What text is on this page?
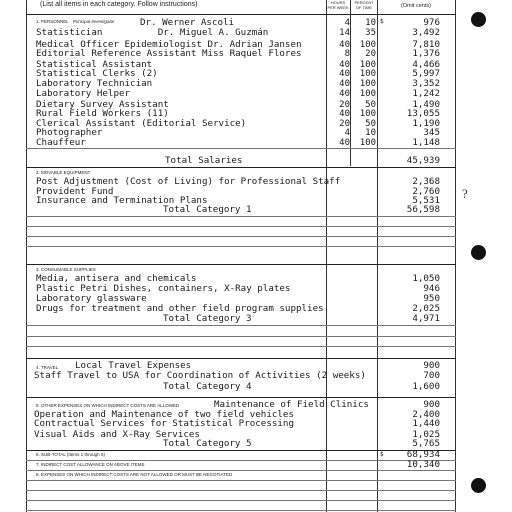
(List all items in each category. Follow instructions)	HOURS PER WEEK
PERCENT OF TIME	(Omit cents)
1. PERSONNEL Principal Investigator	$
Dr. Werner Ascoli	4	10	976
Statistician          Dr. Miguel A. Guzmán	14	35	3,492
Medical Officer Epidemiologist Dr. Adrian Jansen	40	100	7,810
Editorial Reference Assistant Miss Raquel Flores	8	20	1,376
Statistical Assistant	40	100	4,466
Statistical Clerks (2)	40	100	5,997
Laboratory Technician	40	100	3,352
Laboratory Helper	40	100	1,242
Dietary Survey Assistant	20	50	1,490
Rural Field Workers (11)	40	100	13,055
Clerical Assistant (Editorial Service)	20	50	1,190
Photographer	4	10	345
Chauffeur	40	100	1,148
Total Salaries	45,939
2. MOVABLE EQUIPMENT
Post Adjustment (Cost of Living) for Professional Staff	2,368
Provident Fund	2,760
Insurance and Termination Plans	5,531
Total Category 1	56,598
?
3. CONSUMABLE SUPPLIES
Media, antisera and chemicals	1,050
Plastic Petri Dishes, containers, X-Ray plates	946
Laboratory glassware	950
Drugs for treatment and other field program supplies	2,025
Total Category 3	4,971
4. TRAVEL Local Travel Expenses	900
Staff Travel to USA for Coordination of Activities (2 weeks)	700
Total Category 4	1,600
5. OTHER EXPENSES ON WHICH INDIRECT COSTS ARE ALLOWED	Maintenance of Field Clinics	900
Operation and Maintenance of two field vehicles	2,400
Contractual Services for Statistical Processing	1,440
Visual Aids and X-Ray Services	1,025
Total Category 5	5,765
6. SUB-TOTAL (Items 1 through 5)	$	68,934
7. INDIRECT COST ALLOWANCE ON ABOVE ITEMS	10,340
8. EXPENSES ON WHICH INDIRECT COSTS ARE NOT ALLOWED OR MUST BE NEGOTIATED
